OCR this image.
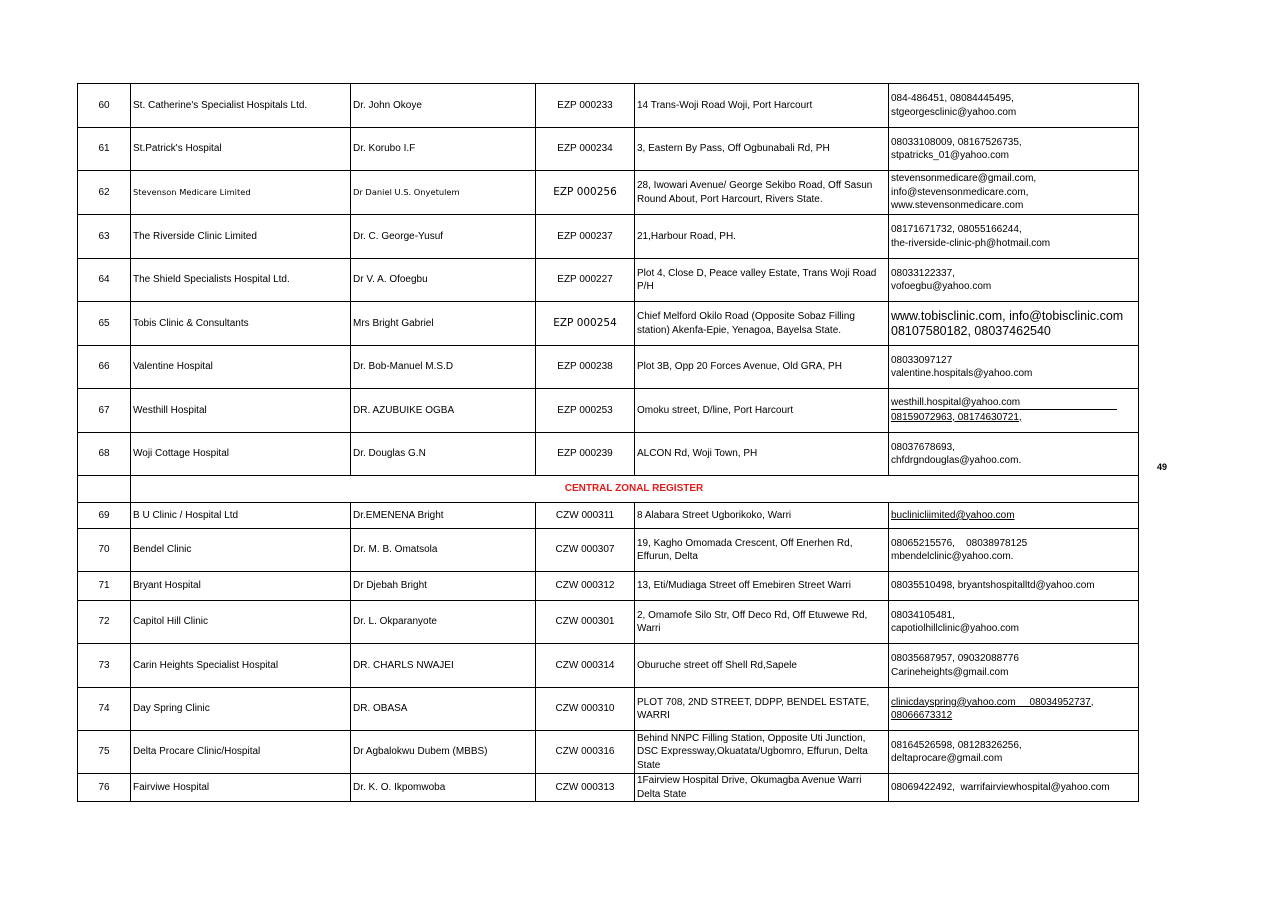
60	St. Catherine's Specialist Hospitals Ltd.	Dr. John Okoye	EZP 000233	14 Trans-Woji Road Woji, Port Harcourt	084-486451, 08084445495,
stgeorgesclinic@yahoo.com

61	St.Patrick's Hospital	Dr. Korubo I.F	EZP 000234	3, Eastern By Pass, Off Ogbunabali Rd, PH	08033108009, 08167526735,
stpatricks_01@yahoo.com

62	Stevenson Medicare Limited	Dr Daniel U.S. Onyetulem	EZP 000256	28, Iwowari Avenue/ George Sekibo Road, Off Sasun Round About, Port Harcourt, Rivers State.	stevensonmedicare@gmail.com,
info@stevensonmedicare.com,
www.stevensonmedicare.com

63	The Riverside Clinic Limited	Dr. C. George-Yusuf	EZP 000237	21,Harbour Road, PH.	08171671732, 08055166244,
the-riverside-clinic-ph@hotmail.com

64	The Shield Specialists Hospital Ltd.	Dr V. A. Ofoegbu	EZP 000227	Plot 4, Close D, Peace valley Estate, Trans Woji Road P/H	08033122337,
vofoegbu@yahoo.com

65	Tobis Clinic & Consultants	Mrs Bright Gabriel	EZP 000254	Chief Melford Okilo Road (Opposite Sobaz Filling station) Akenfa-Epie, Yenagoa, Bayelsa State.	www.tobisclinic.com, info@tobisclinic.com
08107580182, 08037462540

66	Valentine Hospital	Dr. Bob-Manuel M.S.D	EZP 000238	Plot 3B, Opp 20 Forces Avenue, Old GRA, PH	08033097127
valentine.hospitals@yahoo.com

67	Westhill Hospital	DR. AZUBUIKE OGBA	EZP 000253	Omoku street, D/line, Port Harcourt	westhill.hospital@yahoo.com
08159072963, 08174630721,

68	Woji Cottage Hospital	Dr. Douglas G.N	EZP 000239	ALCON Rd, Woji Town, PH	08037678693,
chfdrgndouglas@yahoo.com.

	CENTRAL ZONAL REGISTER				
69	B U Clinic / Hospital Ltd	Dr.EMENENA Bright	CZW 000311	8 Alabara Street Ugborikoko, Warri	buclinicliimited@yahoo.com

70	Bendel Clinic	Dr. M. B. Omatsola	CZW 000307	19, Kagho Omomada Crescent, Off Enerhen Rd, Effurun, Delta	08065215576,    08038978125
mbendelclinic@yahoo.com.

71	Bryant Hospital	Dr Djebah Bright	CZW 000312	13, Eti/Mudiaga Street off Emebiren Street Warri	08035510498, bryantshospitalltd@yahoo.com

72	Capitol Hill Clinic	Dr. L. Okparanyote	CZW 000301	2, Omamofe Silo Str, Off Deco Rd, Off Etuwewe Rd, Warri	08034105481,
capotiolhillclinic@yahoo.com

73	Carin Heights Specialist Hospital	DR. CHARLS NWAJEI	CZW 000314	Oburuche street off Shell Rd,Sapele	08035687957, 09032088776
Carineheights@gmail.com

74	Day Spring Clinic	DR. OBASA	CZW 000310	PLOT 708, 2ND STREET, DDPP, BENDEL ESTATE, WARRI	clinicdayspring@yahoo.com     08034952737,
08066673312

75	Delta Procare Clinic/Hospital	Dr Agbalokwu Dubem (MBBS)	CZW 000316	Behind NNPC Filling Station, Opposite Uti Junction, DSC Expressway,Okuatata/Ugbomro, Effurun, Delta State	08164526598, 08128326256,
deltaprocare@gmail.com

76	Fairviwe Hospital	Dr. K. O. Ikpomwoba	CZW 000313	1Fairview Hospital Drive, Okumagba Avenue Warri Delta State	08069422492,  warrifairviewhospital@yahoo.com
49
